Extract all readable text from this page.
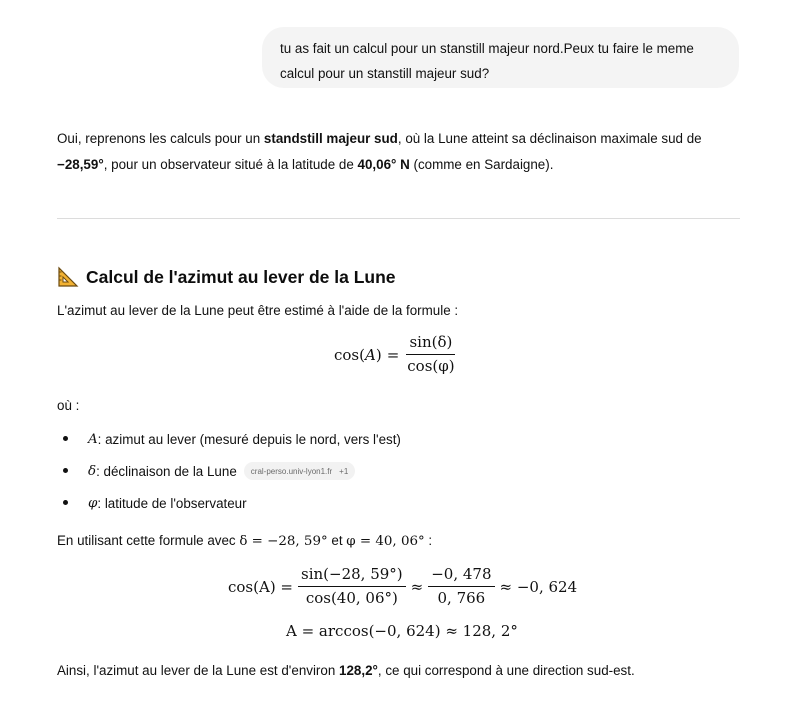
tu as fait un calcul pour un stanstill majeur nord.Peux tu faire le meme
calcul pour un stanstill majeur sud?
Oui, reprenons les calculs pour un standstill majeur sud, où la Lune atteint sa déclinaison maximale sud de
−28,59°, pour un observateur situé à la latitude de 40,06° N (comme en Sardaigne).
Calcul de l'azimut au lever de la Lune
L'azimut au lever de la Lune peut être estimé à l'aide de la formule :
cos( A ) = $\frac{\sin(\delta)}{\cos(\varphi)}$
où :
A : azimut au lever (mesuré depuis le nord, vers l'est)
δ : déclinaison de la Lune cral-perso.univ-lyon1.fr +1
φ : latitude de l'observateur
En utilisant cette formule avec δ = −28, 59° et φ = 40, 06° :
$\cos(A) = \frac{\sin(-28, 59^\circ)}{\cos(40, 06^\circ)} \approx \frac{-0, 478}{0, 766} \approx -0$, 624
A = arccos(−0, 624) ≈ 128, 2°
Ainsi, l'azimut au lever de la Lune est d'environ 128,2°, ce qui correspond à une direction sud-est.
